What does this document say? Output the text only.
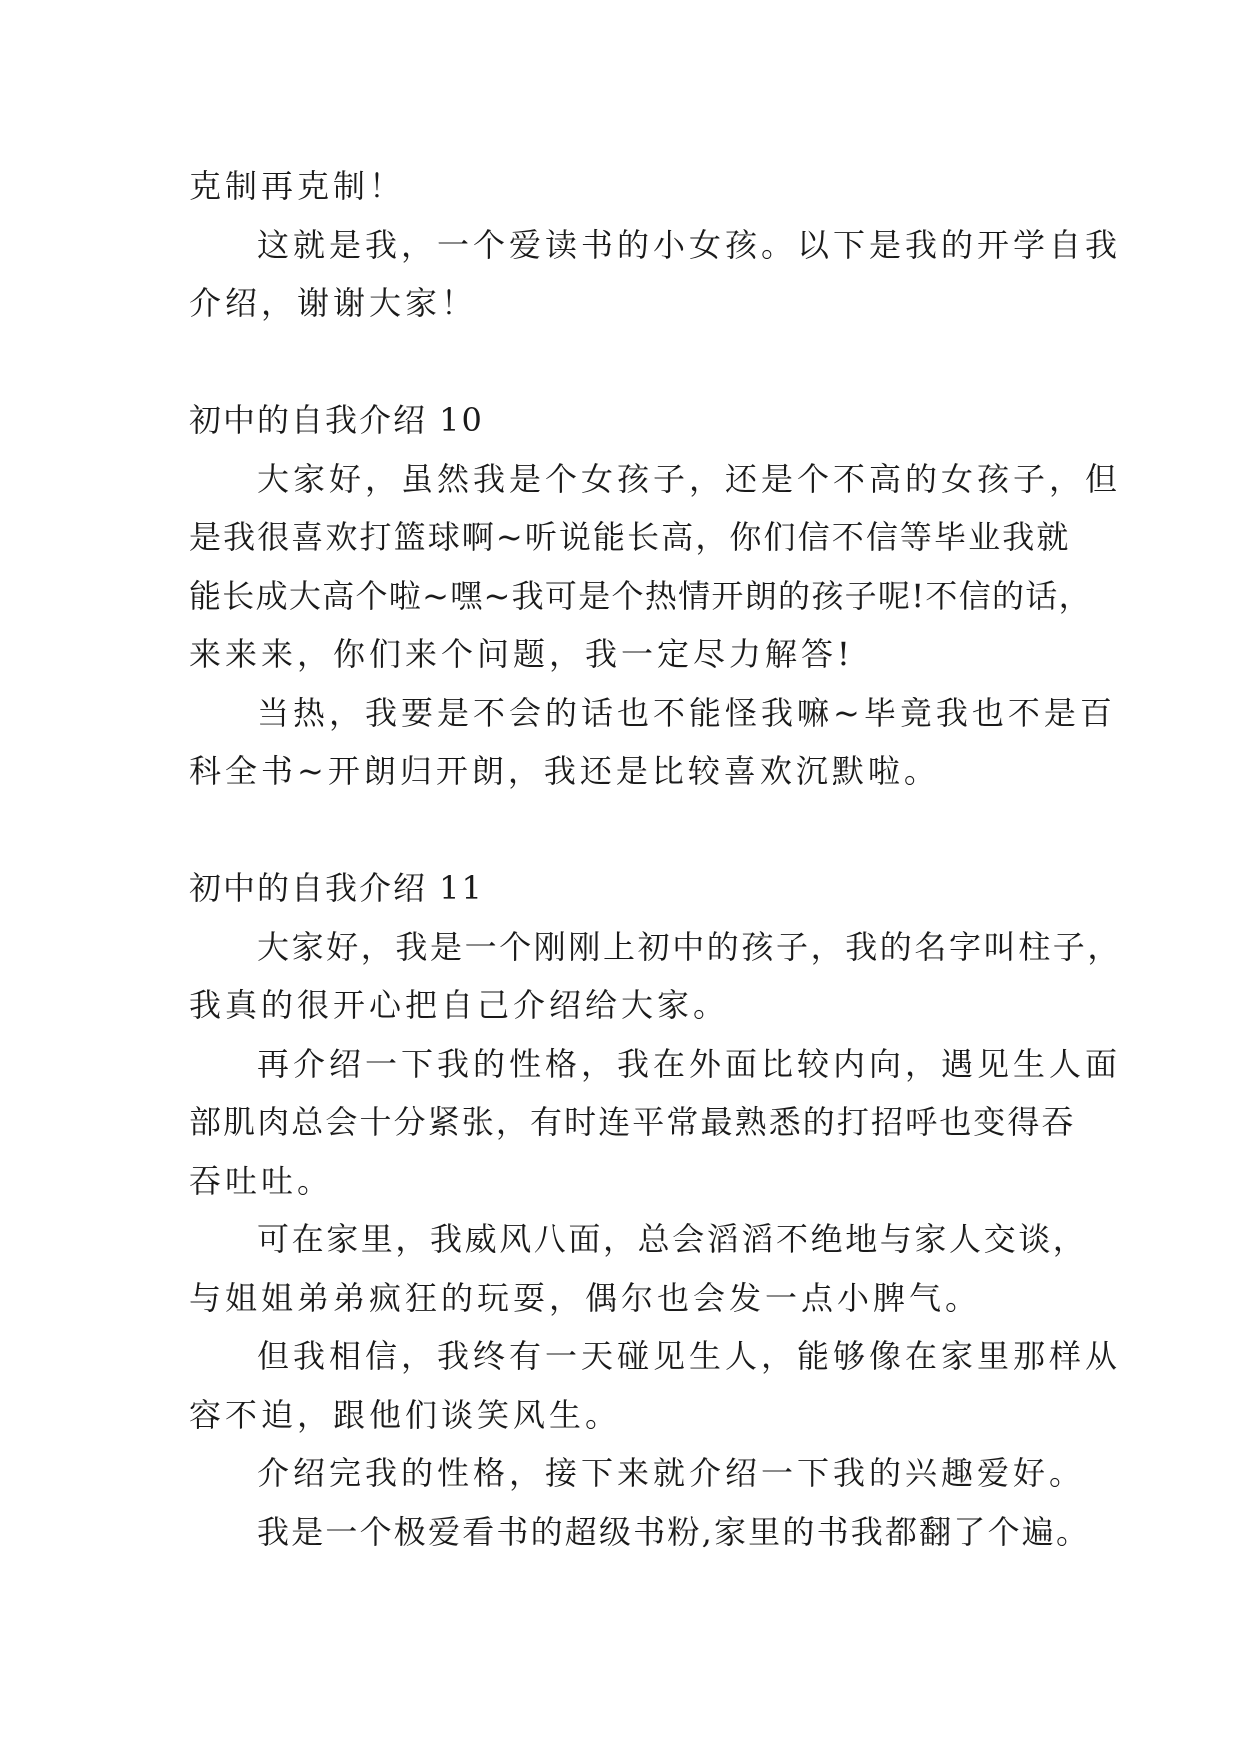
克制再克制！
这就是我，一个爱读书的小女孩。以下是我的开学自我
介绍，谢谢大家！
初中的自我介绍 10
大家好，虽然我是个女孩子，还是个不高的女孩子，但
是我很喜欢打篮球啊~听说能长高，你们信不信等毕业我就
能长成大高个啦~嘿~我可是个热情开朗的孩子呢!不信的话，
来来来，你们来个问题，我一定尽力解答!
当热，我要是不会的话也不能怪我嘛~毕竟我也不是百
科全书~开朗归开朗，我还是比较喜欢沉默啦。
初中的自我介绍 11
大家好，我是一个刚刚上初中的孩子，我的名字叫柱子，
我真的很开心把自己介绍给大家。
再介绍一下我的性格，我在外面比较内向，遇见生人面
部肌肉总会十分紧张，有时连平常最熟悉的打招呼也变得吞
吞吐吐。
可在家里，我威风八面，总会滔滔不绝地与家人交谈，
与姐姐弟弟疯狂的玩耍，偶尔也会发一点小脾气。
但我相信，我终有一天碰见生人，能够像在家里那样从
容不迫，跟他们谈笑风生。
介绍完我的性格，接下来就介绍一下我的兴趣爱好。
我是一个极爱看书的超级书粉,家里的书我都翻了个遍。
